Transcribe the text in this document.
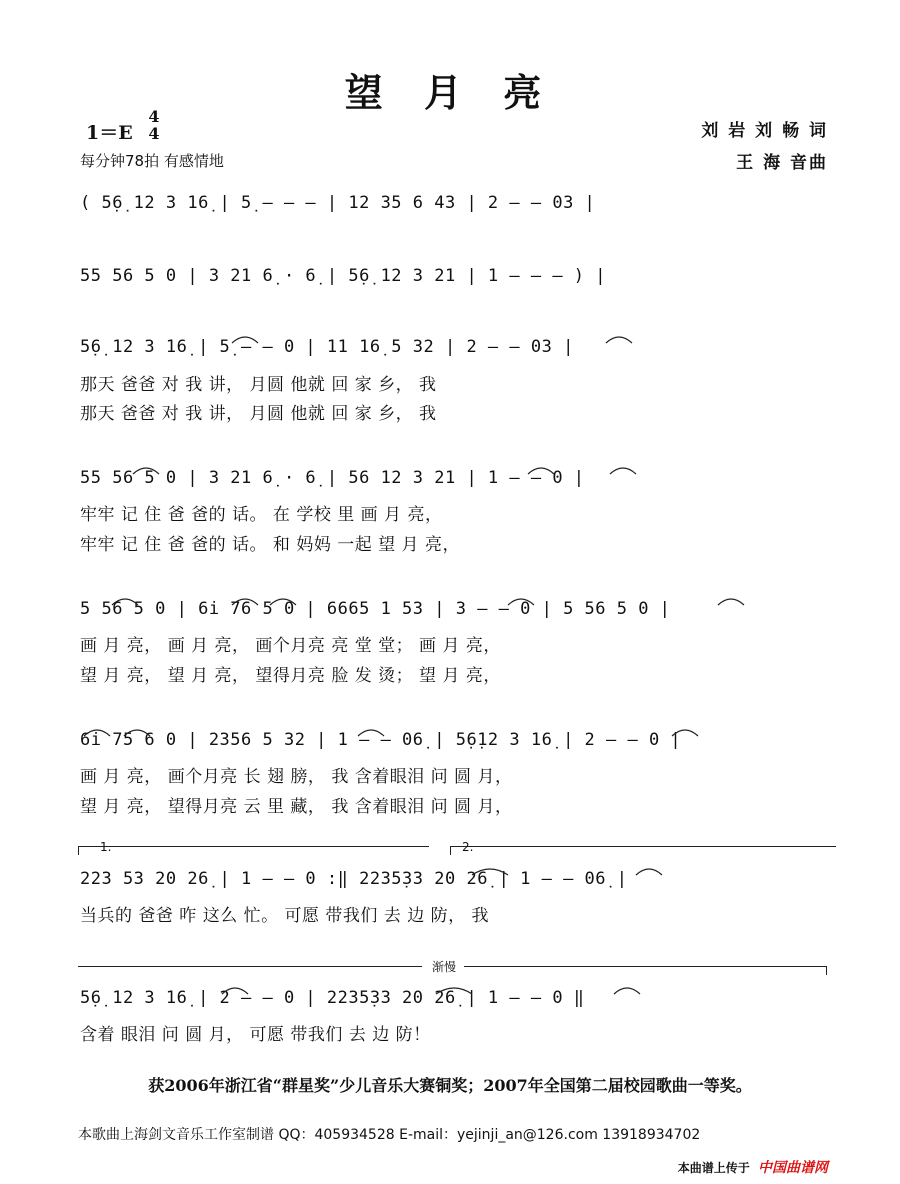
望 月 亮
1＝E
4
4
每分钟78拍 有感情地
刘 岩 刘 畅 词
王 海 音曲
( 5̣6̣ 12 3 16̣ | 5̣ – – – | 12 35 6 43 | 2 – – 03 |
55 56 5 0 | 3 21 6̣ · 6̣ | 5̣6̣ 12 3 21 | 1 – – – ) |
5̣6̣ 12 3 16̣ | 5̣ – – 0 | 11 16̣ 5 32 | 2 – – 03 |
那天 爸爸 对 我 讲， 月圆 他就 回 家 乡， 我
那天 爸爸 对 我 讲， 月圆 他就 回 家 乡， 我
55 56 5 0 | 3 21 6̣ · 6̣ | 56 12 3 21 | 1 – – 0 |
牢牢 记 住 爸 爸的 话。 在 学校 里 画 月 亮，
牢牢 记 住 爸 爸的 话。 和 妈妈 一起 望 月 亮，
5 56 5 0 | 6i 76 5 0 | 6665 1 53 | 3 – – 0 | 5 56 5 0 |
画 月 亮， 画 月 亮， 画个月亮 亮 堂 堂； 画 月 亮，
望 月 亮， 望 月 亮， 望得月亮 脸 发 烫； 望 月 亮，
6i 75 6 0 | 2356 5 32 | 1 – – 06̣ | 5̣6̣12 3 16̣ | 2 – – 0 |
画 月 亮， 画个月亮 长 翅 膀， 我 含着眼泪 问 圆 月，
望 月 亮， 望得月亮 云 里 藏， 我 含着眼泪 问 圆 月，
1.	2.
223 53 20 26̣ | 1 – – 0 :‖ 2235̣33 20 26̣ | 1 – – 06̣ |
当兵的 爸爸 咋 这么 忙。 可愿 带我们 去 边 防， 我
渐慢
5̣6̣ 12 3 16̣ | 2 – – 0 | 2235̣33 20 26̣ | 1 – – 0 ‖
含着 眼泪 问 圆 月， 可愿 带我们 去 边 防！
获2006年浙江省“群星奖”少儿音乐大赛铜奖；2007年全国第二届校园歌曲一等奖。
本歌曲上海剑文音乐工作室制谱 QQ：405934528 E-mail：yejinji_an@126.com 13918934702
本曲谱上传于 中国曲谱网
